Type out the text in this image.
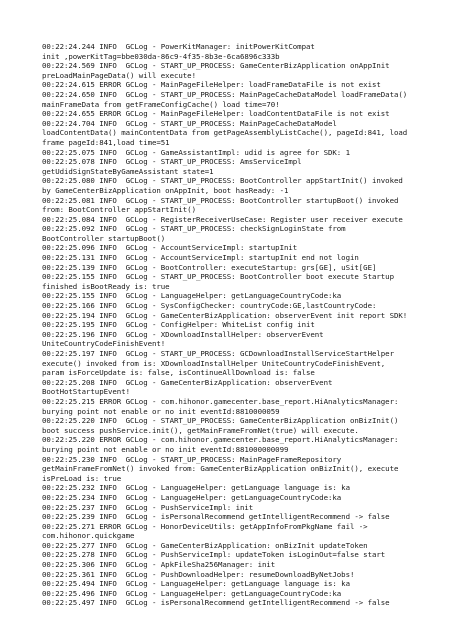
00:22:24.244 INFO  GCLog - PowerKitManager: initPowerKitCompat
init ,powerKitTag=bbe030da-86c9-4f35-8b3e-6ca6896c333b
00:22:24.569 INFO  GCLog - START_UP_PROCESS: GameCenterBizApplication onAppInit
preLoadMainPageData() will execute!
00:22:24.615 ERROR GCLog - MainPageFileHelper: loadFrameDataFile is not exist
00:22:24.650 INFO  GCLog - START_UP_PROCESS: MainPageCacheDataModel loadFrameData()
mainFrameData from getFrameConfigCache() load time=70!
00:22:24.655 ERROR GCLog - MainPageFileHelper: loadContentDataFile is not exist
00:22:24.704 INFO  GCLog - START_UP_PROCESS: MainPageCacheDataModel
loadContentData() mainContentData from getPageAssemblyListCache(), pageId:841, load
frame pageId:841,load time=51
00:22:25.075 INFO  GCLog - GameAssistantImpl: udid is agree for SDK: 1
00:22:25.078 INFO  GCLog - START_UP_PROCESS: AmsServiceImpl
getUdidSignStateByGameAssistant state=1
00:22:25.080 INFO  GCLog - START_UP_PROCESS: BootController appStartInit() invoked
by GameCenterBizApplication onAppInit, boot hasReady: -1
00:22:25.081 INFO  GCLog - START_UP_PROCESS: BootController startupBoot() invoked
from: BootController appStartInit()
00:22:25.084 INFO  GCLog - RegisterReceiverUseCase: Register user receiver execute
00:22:25.092 INFO  GCLog - START_UP_PROCESS: checkSignLoginState from
BootController startupBoot()
00:22:25.096 INFO  GCLog - AccountServiceImpl: startupInit
00:22:25.131 INFO  GCLog - AccountServiceImpl: startupInit end not login
00:22:25.139 INFO  GCLog - BootController: executeStartup: grs[GE], uSit[GE]
00:22:25.155 INFO  GCLog - START_UP_PROCESS: BootController boot execute Startup
finished isBootReady is: true
00:22:25.155 INFO  GCLog - LanguageHelper: getLanguageCountryCode:ka
00:22:25.166 INFO  GCLog - SysConfigChecker: countryCode:GE,lastCountryCode:
00:22:25.194 INFO  GCLog - GameCenterBizApplication: observerEvent init report SDK!
00:22:25.195 INFO  GCLog - ConfigHelper: WhiteList config init
00:22:25.196 INFO  GCLog - XDownloadInstallHelper: observerEvent
UniteCountryCodeFinishEvent!
00:22:25.197 INFO  GCLog - START_UP_PROCESS: GCDownloadInstallServiceStartHelper
execute() invoked from is: XDownloadInstallHelper UniteCountryCodeFinishEvent,
param isForceUpdate is: false, isContinueAllDownload is: false
00:22:25.208 INFO  GCLog - GameCenterBizApplication: observerEvent
BootHotStartupEvent!
00:22:25.215 ERROR GCLog - com.hihonor.gamecenter.base_report.HiAnalyticsManager:
burying point not enable or no init eventId:8810000059
00:22:25.220 INFO  GCLog - START_UP_PROCESS: GameCenterBizApplication onBizInit()
boot success pushService.init(), getMainFrameFromNet(true) will execute.
00:22:25.220 ERROR GCLog - com.hihonor.gamecenter.base_report.HiAnalyticsManager:
burying point not enable or no init eventId:881000000099
00:22:25.230 INFO  GCLog - START_UP_PROCESS: MainPageFrameRepository
getMainFrameFromNet() invoked from: GameCenterBizApplication onBizInit(), execute
isPreLoad is: true
00:22:25.232 INFO  GCLog - LanguageHelper: getLanguage language is: ka
00:22:25.234 INFO  GCLog - LanguageHelper: getLanguageCountryCode:ka
00:22:25.237 INFO  GCLog - PushServiceImpl: init
00:22:25.239 INFO  GCLog - isPersonalRecommend getIntelligentRecommend -> false
00:22:25.271 ERROR GCLog - HonorDeviceUtils: getAppInfoFromPkgName fail ->
com.hihonor.quickgame
00:22:25.277 INFO  GCLog - GameCenterBizApplication: onBizInit updateToken
00:22:25.278 INFO  GCLog - PushServiceImpl: updateToken isLoginOut=false start
00:22:25.306 INFO  GCLog - ApkFileSha256Manager: init
00:22:25.361 INFO  GCLog - PushDownloadHelper: resumeDownloadByNetJobs!
00:22:25.494 INFO  GCLog - LanguageHelper: getLanguage language is: ka
00:22:25.496 INFO  GCLog - LanguageHelper: getLanguageCountryCode:ka
00:22:25.497 INFO  GCLog - isPersonalRecommend getIntelligentRecommend -> false
